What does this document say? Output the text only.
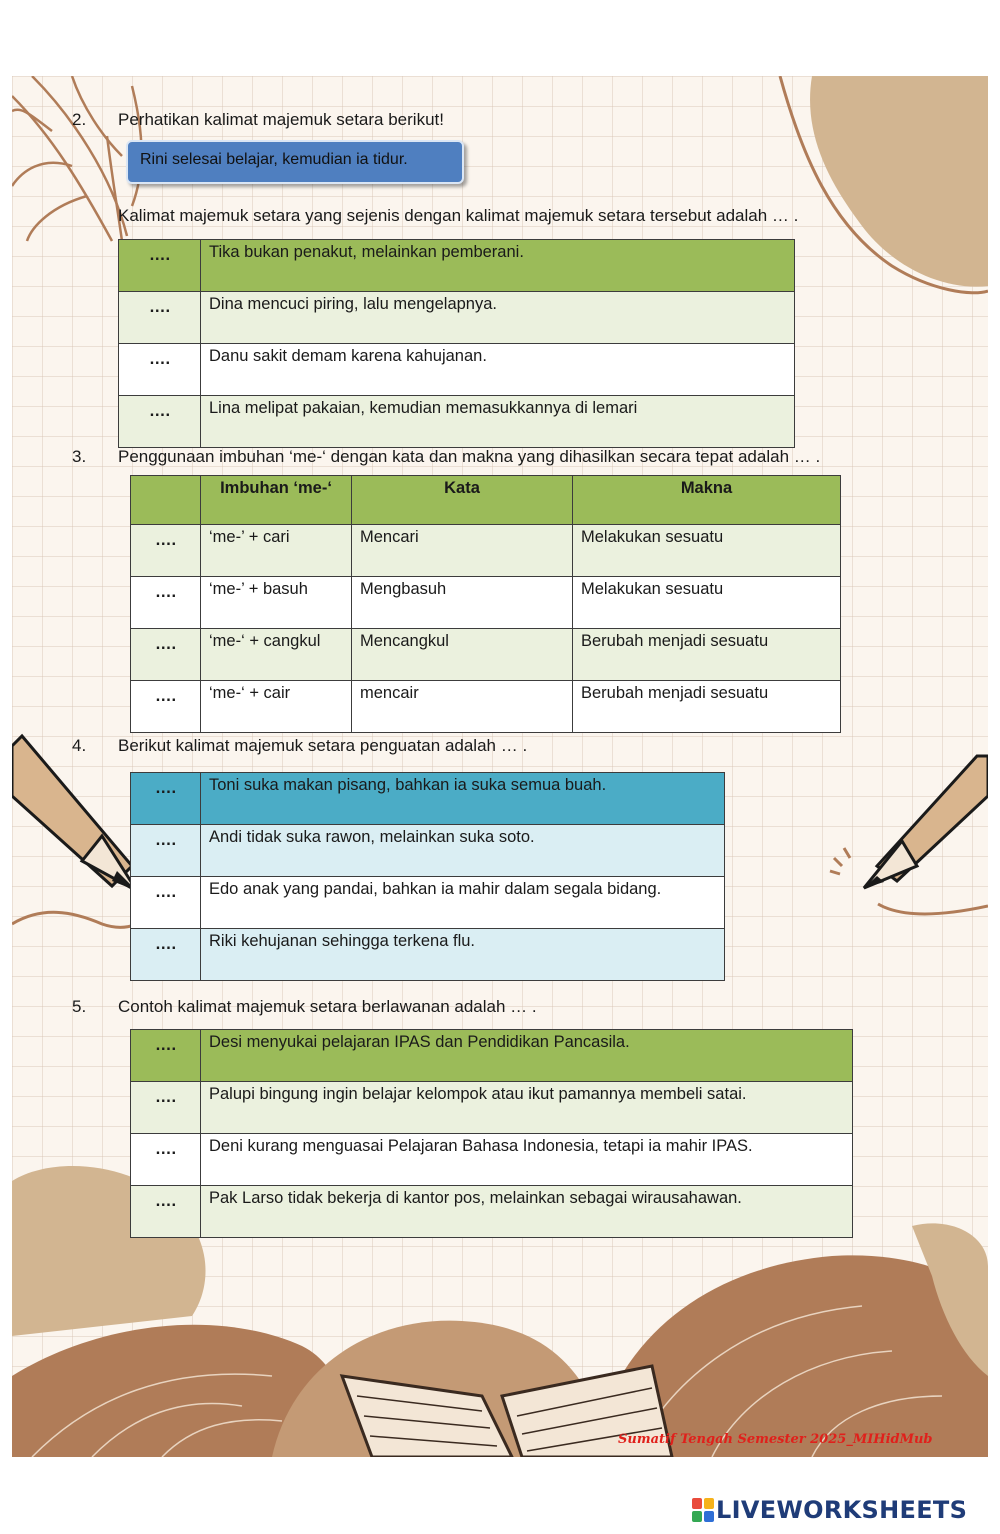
2. Perhatikan kalimat majemuk setara berikut!
Rini selesai belajar, kemudian ia tidur.
Kalimat majemuk setara yang sejenis dengan kalimat majemuk setara tersebut adalah … .
….	Tika bukan penakut, melainkan pemberani.
….	Dina mencuci piring, lalu mengelapnya.
….	Danu sakit demam karena kahujanan.
….	Lina melipat pakaian, kemudian memasukkannya di lemari
3. Penggunaan imbuhan ‘me-‘ dengan kata dan makna yang dihasilkan secara tepat adalah … .
	Imbuhan ‘me-‘	Kata	Makna
….	‘me-’ + cari	Mencari	Melakukan sesuatu
….	‘me-’ + basuh	Mengbasuh	Melakukan sesuatu
….	‘me-‘ + cangkul	Mencangkul	Berubah menjadi sesuatu
….	‘me-‘ + cair	mencair	Berubah menjadi sesuatu
4. Berikut kalimat majemuk setara penguatan adalah … .
….	Toni suka makan pisang, bahkan ia suka semua buah.
….	Andi tidak suka rawon, melainkan suka soto.
….	Edo anak yang pandai, bahkan ia mahir dalam segala bidang.
….	Riki kehujanan sehingga terkena flu.
5. Contoh kalimat majemuk setara berlawanan adalah … .
….	Desi menyukai pelajaran IPAS dan Pendidikan Pancasila.
….	Palupi bingung ingin belajar kelompok atau ikut pamannya membeli satai.
….	Deni kurang menguasai Pelajaran Bahasa Indonesia, tetapi ia mahir IPAS.
….	Pak Larso tidak bekerja di kantor pos, melainkan sebagai wirausahawan.
Sumatif Tengah Semester 2025_MIHidMub
LIVEWORKSHEETS
